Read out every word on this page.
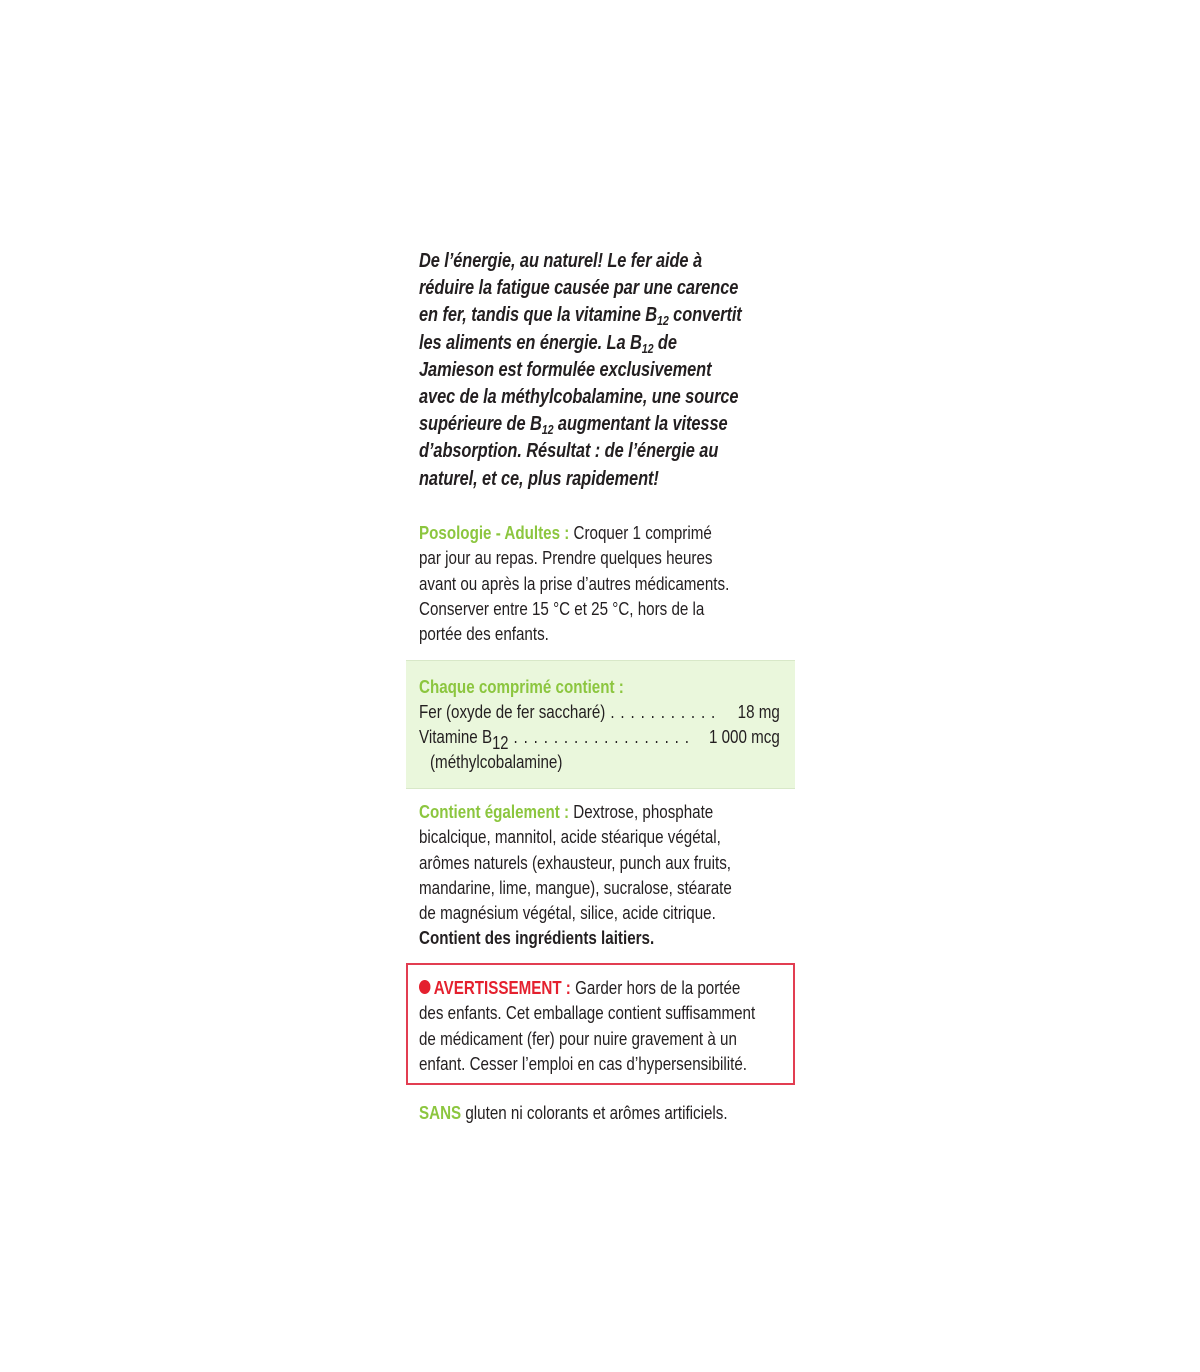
De l’énergie, au naturel! Le fer aide à
réduire la fatigue causée par une carence
en fer, tandis que la vitamine $B_{12}$ convertit
les aliments en énergie. La $B_{12}$ de
Jamieson est formulée exclusivement
avec de la méthylcobalamine, une source
supérieure de $B_{12}$ augmentant la vitesse
d’absorption. Résultat : de l’énergie au
naturel, et ce, plus rapidement!
Posologie - Adultes : Croquer 1 comprimé
par jour au repas. Prendre quelques heures
avant ou après la prise d’autres médicaments.
Conserver entre 15 °C et 25 °C, hors de la
portée des enfants.
Chaque comprimé contient :
Fer (oxyde de fer saccharé) . . . . . . . . . . . 18 mg
Vitamine $B_{12}$ . . . . . . . . . . . . . . . . . . 1 000 mcg
(méthylcobalamine)
Contient également : Dextrose, phosphate
bicalcique, mannitol, acide stéarique végétal,
arômes naturels (exhausteur, punch aux fruits,
mandarine, lime, mangue), sucralose, stéarate
de magnésium végétal, silice, acide citrique.
Contient des ingrédients laitiers.
AVERTISSEMENT : Garder hors de la portée
des enfants. Cet emballage contient suffisamment
de médicament (fer) pour nuire gravement à un
enfant. Cesser l’emploi en cas d’hypersensibilité.
SANS gluten ni colorants et arômes artificiels.
